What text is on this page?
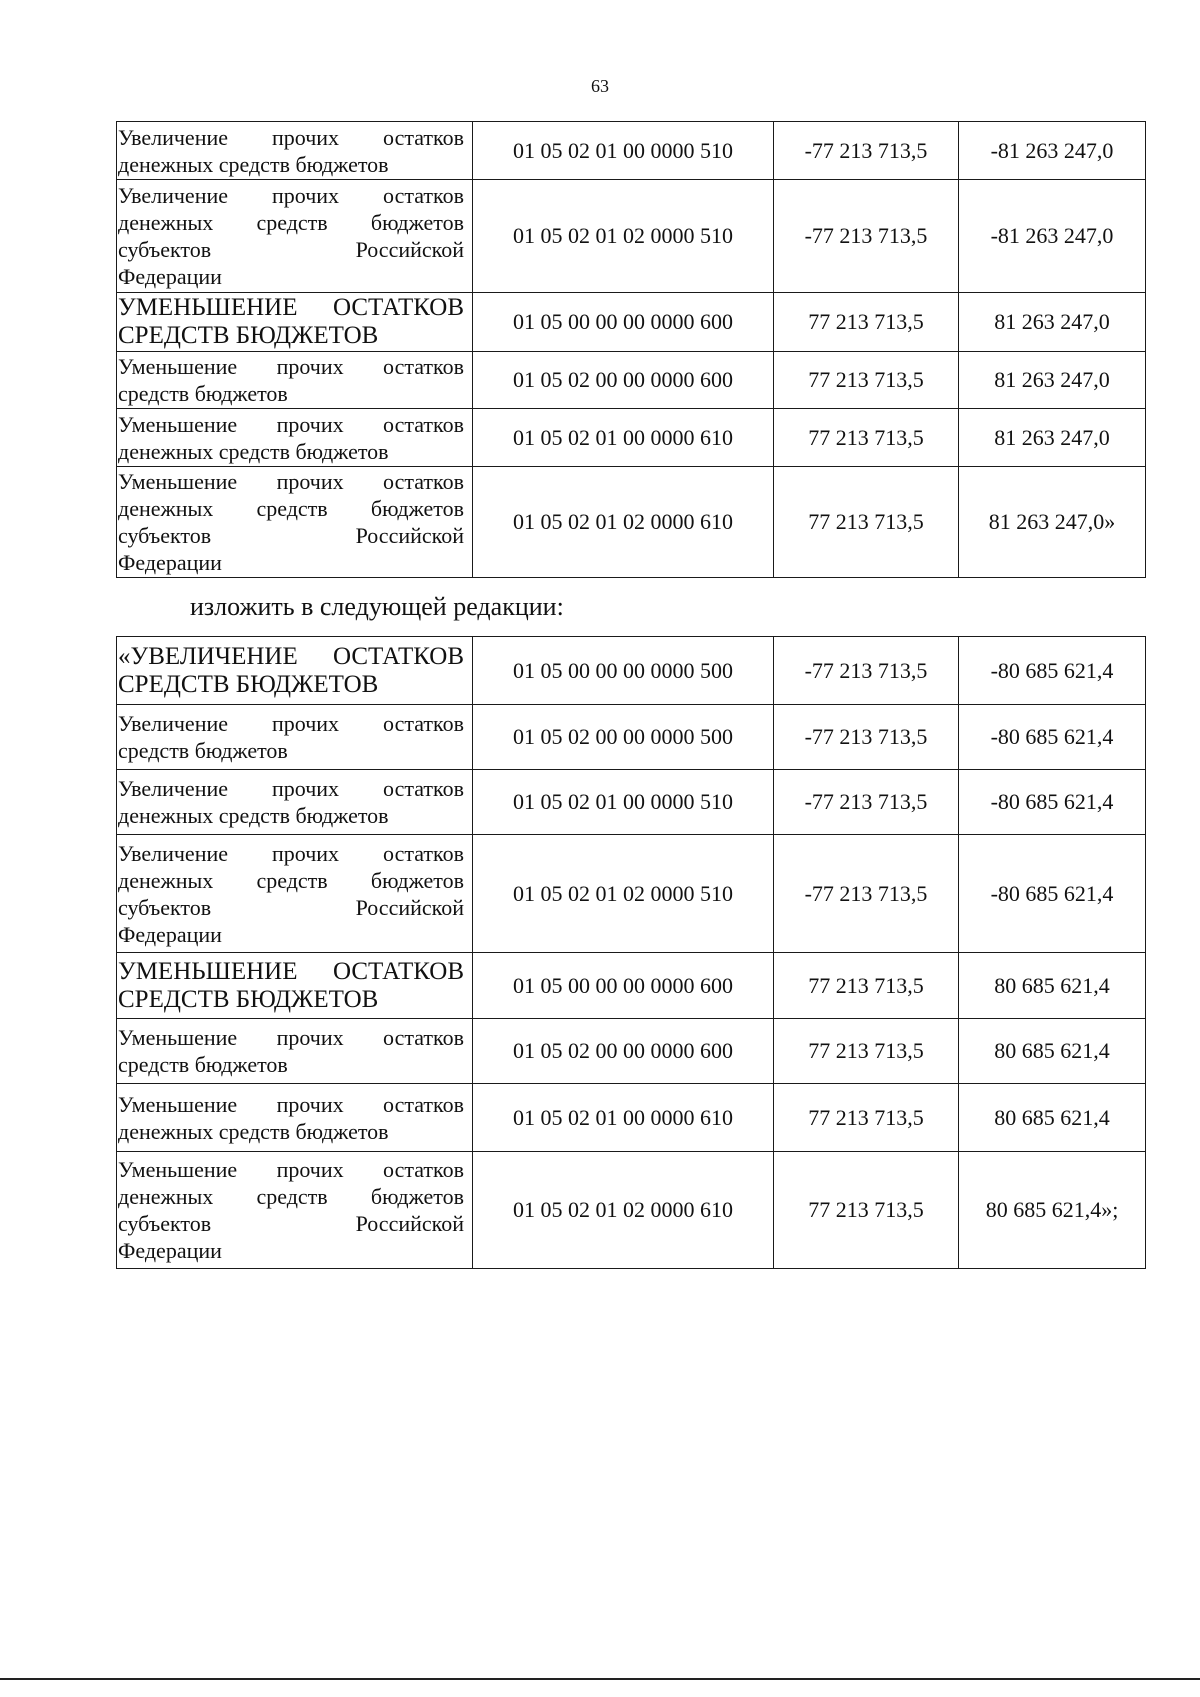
63
Увеличение прочих остатков
денежных средств бюджетов	01 05 02 01 00 0000 510	-77 213 713,5	-81 263 247,0
Увеличение прочих остатков денежных средств бюджетов субъектов Российской
Федерации	01 05 02 01 02 0000 510	-77 213 713,5	-81 263 247,0
УМЕНЬШЕНИЕ ОСТАТКОВ
СРЕДСТВ БЮДЖЕТОВ	01 05 00 00 00 0000 600	77 213 713,5	81 263 247,0
Уменьшение прочих остатков
средств бюджетов	01 05 02 00 00 0000 600	77 213 713,5	81 263 247,0
Уменьшение прочих остатков
денежных средств бюджетов	01 05 02 01 00 0000 610	77 213 713,5	81 263 247,0
Уменьшение прочих остатков денежных средств бюджетов субъектов Российской
Федерации	01 05 02 01 02 0000 610	77 213 713,5	81 263 247,0»
изложить в следующей редакции:
«УВЕЛИЧЕНИЕ ОСТАТКОВ
СРЕДСТВ БЮДЖЕТОВ	01 05 00 00 00 0000 500	-77 213 713,5	-80 685 621,4
Увеличение прочих остатков
средств бюджетов	01 05 02 00 00 0000 500	-77 213 713,5	-80 685 621,4
Увеличение прочих остатков
денежных средств бюджетов	01 05 02 01 00 0000 510	-77 213 713,5	-80 685 621,4
Увеличение прочих остатков денежных средств бюджетов субъектов Российской
Федерации	01 05 02 01 02 0000 510	-77 213 713,5	-80 685 621,4
УМЕНЬШЕНИЕ ОСТАТКОВ
СРЕДСТВ БЮДЖЕТОВ	01 05 00 00 00 0000 600	77 213 713,5	80 685 621,4
Уменьшение прочих остатков
средств бюджетов	01 05 02 00 00 0000 600	77 213 713,5	80 685 621,4
Уменьшение прочих остатков
денежных средств бюджетов	01 05 02 01 00 0000 610	77 213 713,5	80 685 621,4
Уменьшение прочих остатков денежных средств бюджетов субъектов Российской
Федерации	01 05 02 01 02 0000 610	77 213 713,5	80 685 621,4»;
